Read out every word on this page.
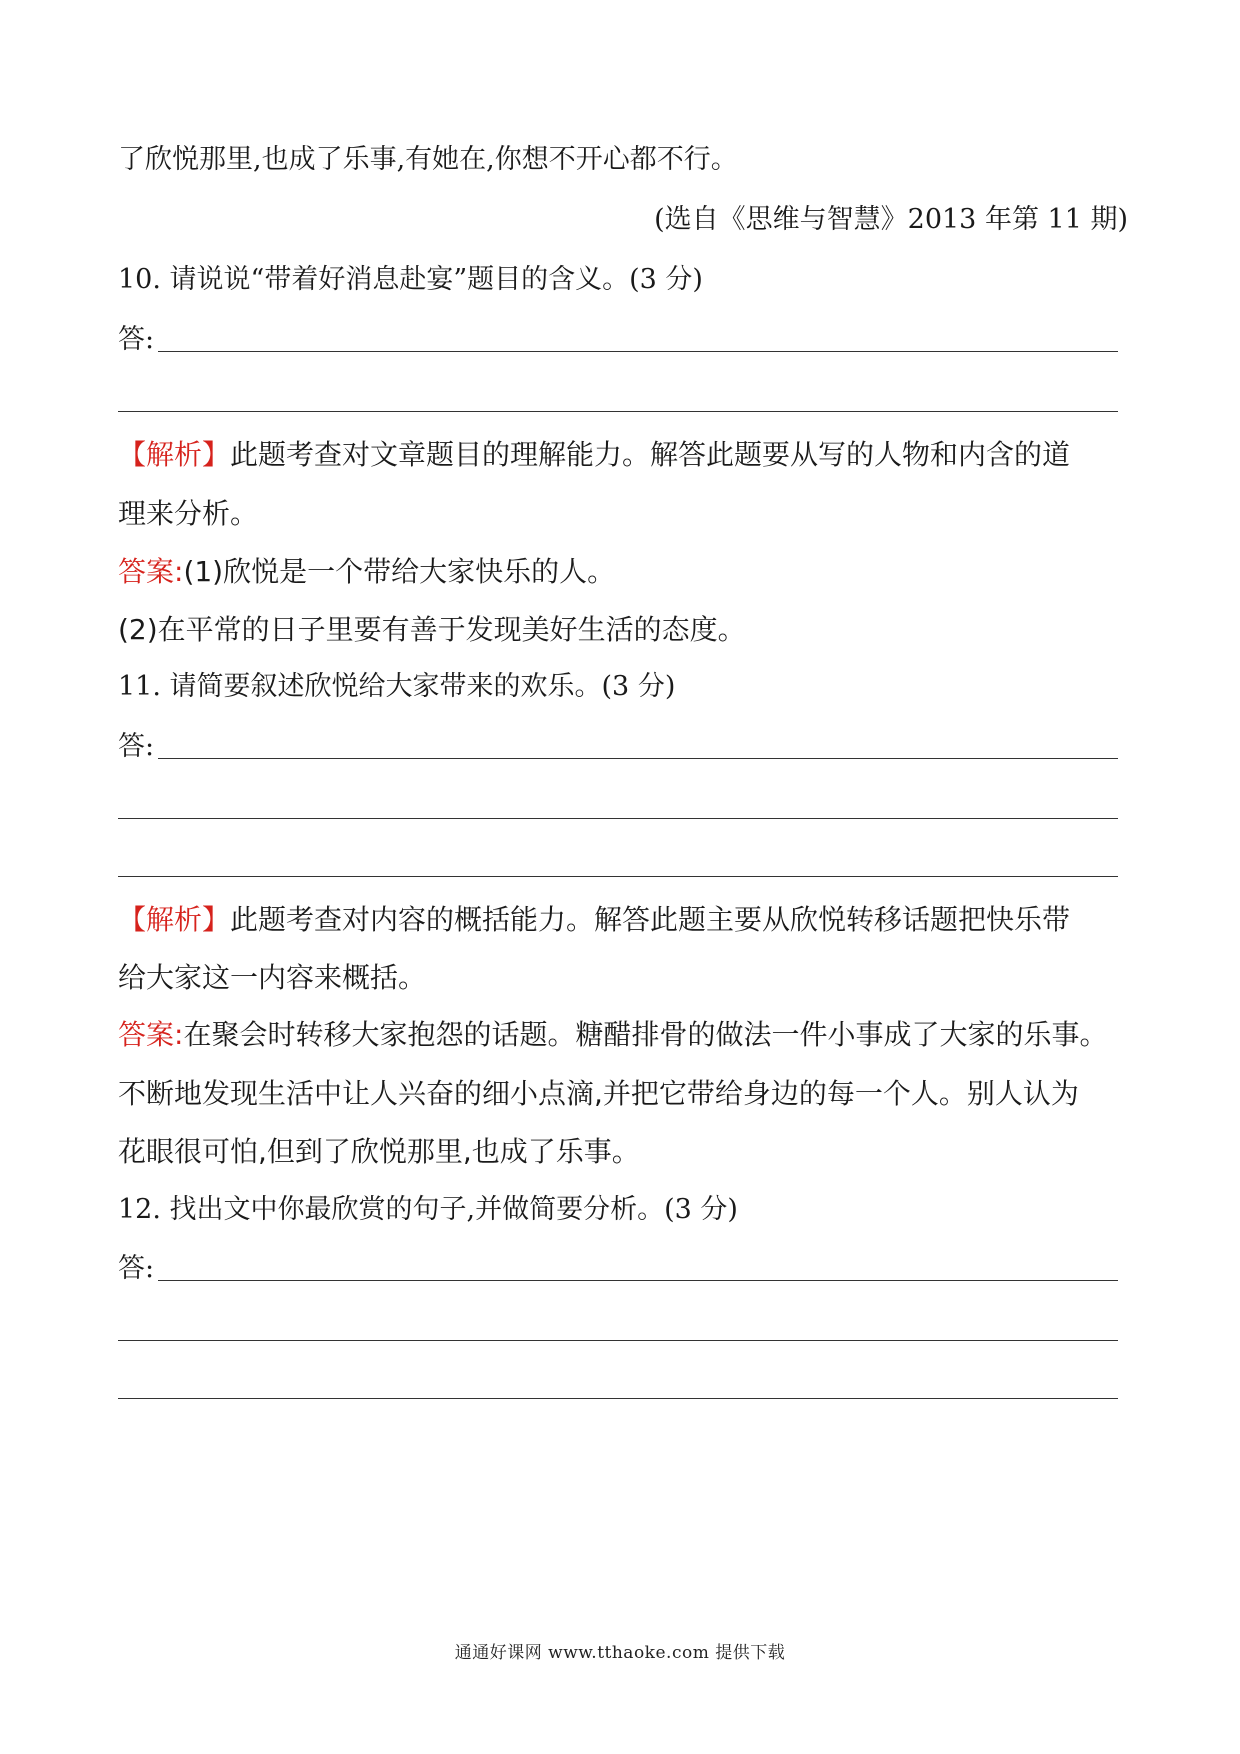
了欣悦那里,也成了乐事,有她在,你想不开心都不行。
(选自《思维与智慧》2013 年第 11 期)
10. 请说说“带着好消息赴宴”题目的含义。(3 分)
答:
【解析】此题考查对文章题目的理解能力。解答此题要从写的人物和内含的道
理来分析。
答案:(1)欣悦是一个带给大家快乐的人。
(2)在平常的日子里要有善于发现美好生活的态度。
11. 请简要叙述欣悦给大家带来的欢乐。(3 分)
答:
【解析】此题考查对内容的概括能力。解答此题主要从欣悦转移话题把快乐带
给大家这一内容来概括。
答案:在聚会时转移大家抱怨的话题。糖醋排骨的做法一件小事成了大家的乐事。
不断地发现生活中让人兴奋的细小点滴,并把它带给身边的每一个人。别人认为
花眼很可怕,但到了欣悦那里,也成了乐事。
12. 找出文中你最欣赏的句子,并做简要分析。(3 分)
答:
通通好课网 www.tthaoke.com 提供下载
